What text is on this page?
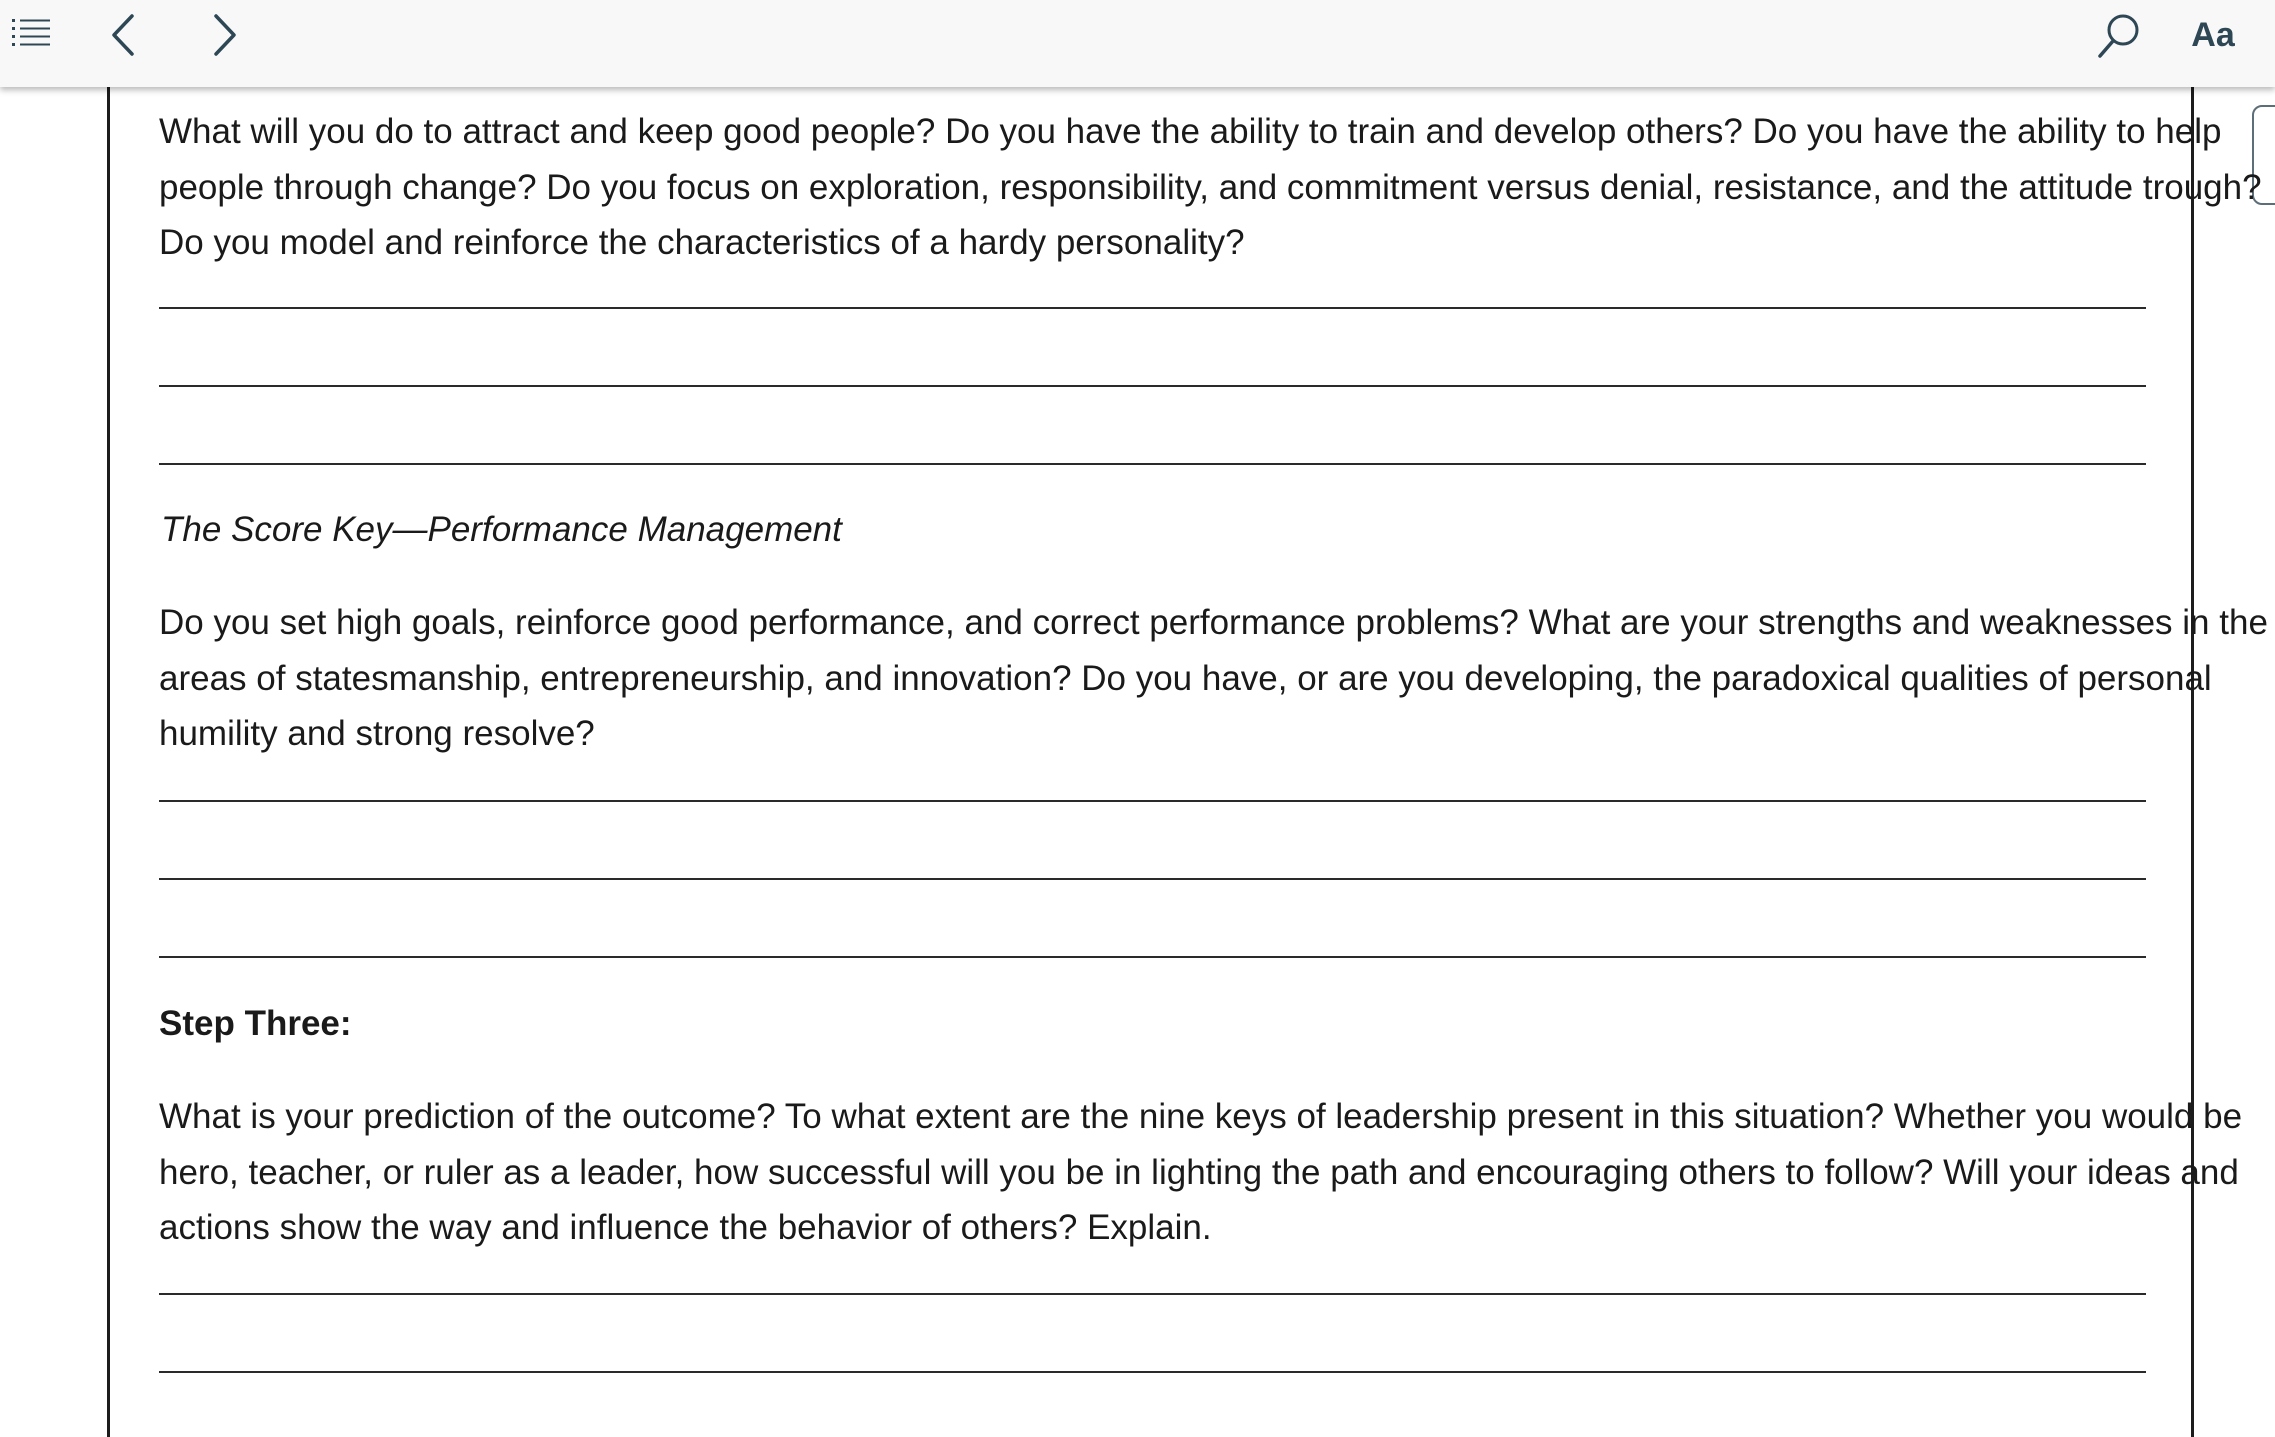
Aa

What will you do to attract and keep good people? Do you have the ability to train and develop others? Do you have the ability to help people through change? Do you focus on exploration, responsibility, and commitment versus denial, resistance, and the attitude trough? Do you model and reinforce the characteristics of a hardy personality?

The Score Key—Performance Management

Do you set high goals, reinforce good performance, and correct performance problems? What are your strengths and weaknesses in the areas of statesmanship, entrepreneurship, and innovation? Do you have, or are you developing, the paradoxical qualities of personal humility and strong resolve?

Step Three:

What is your prediction of the outcome? To what extent are the nine keys of leadership present in this situation? Whether you would be hero, teacher, or ruler as a leader, how successful will you be in lighting the path and encouraging others to follow? Will your ideas and actions show the way and influence the behavior of others? Explain.
